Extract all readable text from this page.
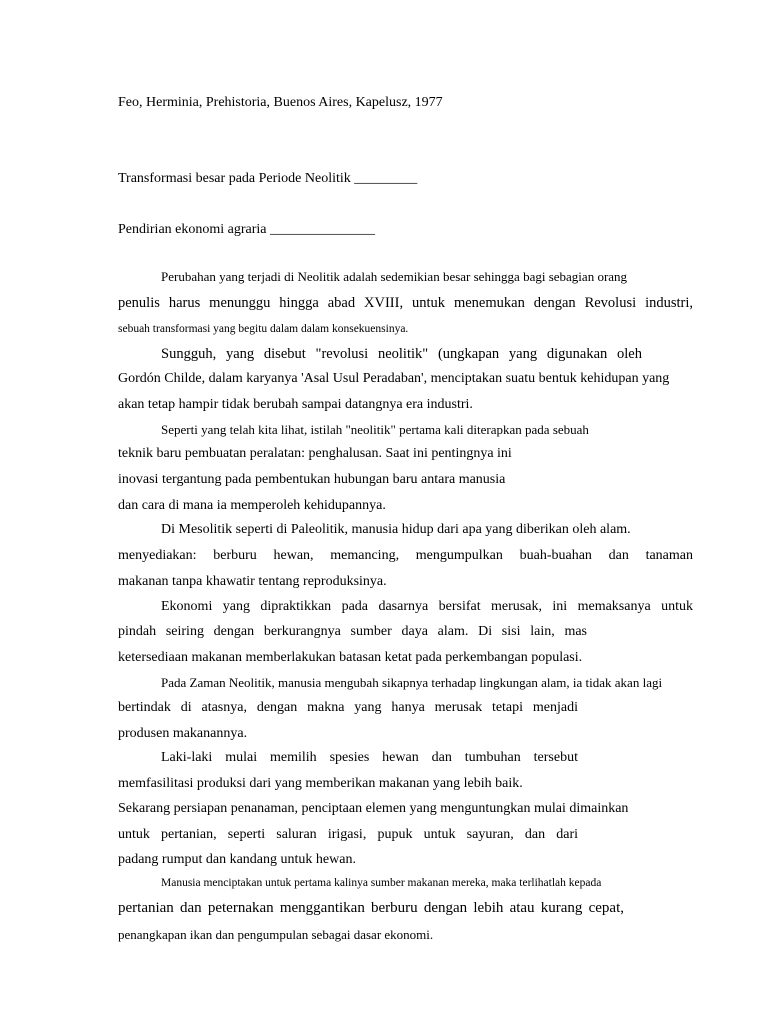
Feo, Herminia, Prehistoria, Buenos Aires, Kapelusz, 1977
Transformasi besar pada Periode Neolitik _________
Pendirian ekonomi agraria _______________
Perubahan yang terjadi di Neolitik adalah sedemikian besar sehingga bagi sebagian orang
penulis harus menunggu hingga abad XVIII, untuk menemukan dengan Revolusi industri,
sebuah transformasi yang begitu dalam dalam konsekuensinya.
Sungguh, yang disebut "revolusi neolitik" (ungkapan yang digunakan oleh
Gordón Childe, dalam karyanya 'Asal Usul Peradaban', menciptakan suatu bentuk kehidupan yang
akan tetap hampir tidak berubah sampai datangnya era industri.
Seperti yang telah kita lihat, istilah "neolitik" pertama kali diterapkan pada sebuah
teknik baru pembuatan peralatan: penghalusan. Saat ini pentingnya ini
inovasi tergantung pada pembentukan hubungan baru antara manusia
dan cara di mana ia memperoleh kehidupannya.
Di Mesolitik seperti di Paleolitik, manusia hidup dari apa yang diberikan oleh alam.
menyediakan: berburu hewan, memancing, mengumpulkan buah-buahan dan tanaman
makanan tanpa khawatir tentang reproduksinya.
Ekonomi yang dipraktikkan pada dasarnya bersifat merusak, ini memaksanya untuk
pindah seiring dengan berkurangnya sumber daya alam. Di sisi lain, mas
ketersediaan makanan memberlakukan batasan ketat pada perkembangan populasi.
Pada Zaman Neolitik, manusia mengubah sikapnya terhadap lingkungan alam, ia tidak akan lagi
bertindak di atasnya, dengan makna yang hanya merusak tetapi menjadi
produsen makanannya.
Laki-laki mulai memilih spesies hewan dan tumbuhan tersebut
memfasilitasi produksi dari yang memberikan makanan yang lebih baik.
Sekarang persiapan penanaman, penciptaan elemen yang menguntungkan mulai dimainkan
untuk pertanian, seperti saluran irigasi, pupuk untuk sayuran, dan dari
padang rumput dan kandang untuk hewan.
Manusia menciptakan untuk pertama kalinya sumber makanan mereka, maka terlihatlah kepada
pertanian dan peternakan menggantikan berburu dengan lebih atau kurang cepat,
penangkapan ikan dan pengumpulan sebagai dasar ekonomi.
